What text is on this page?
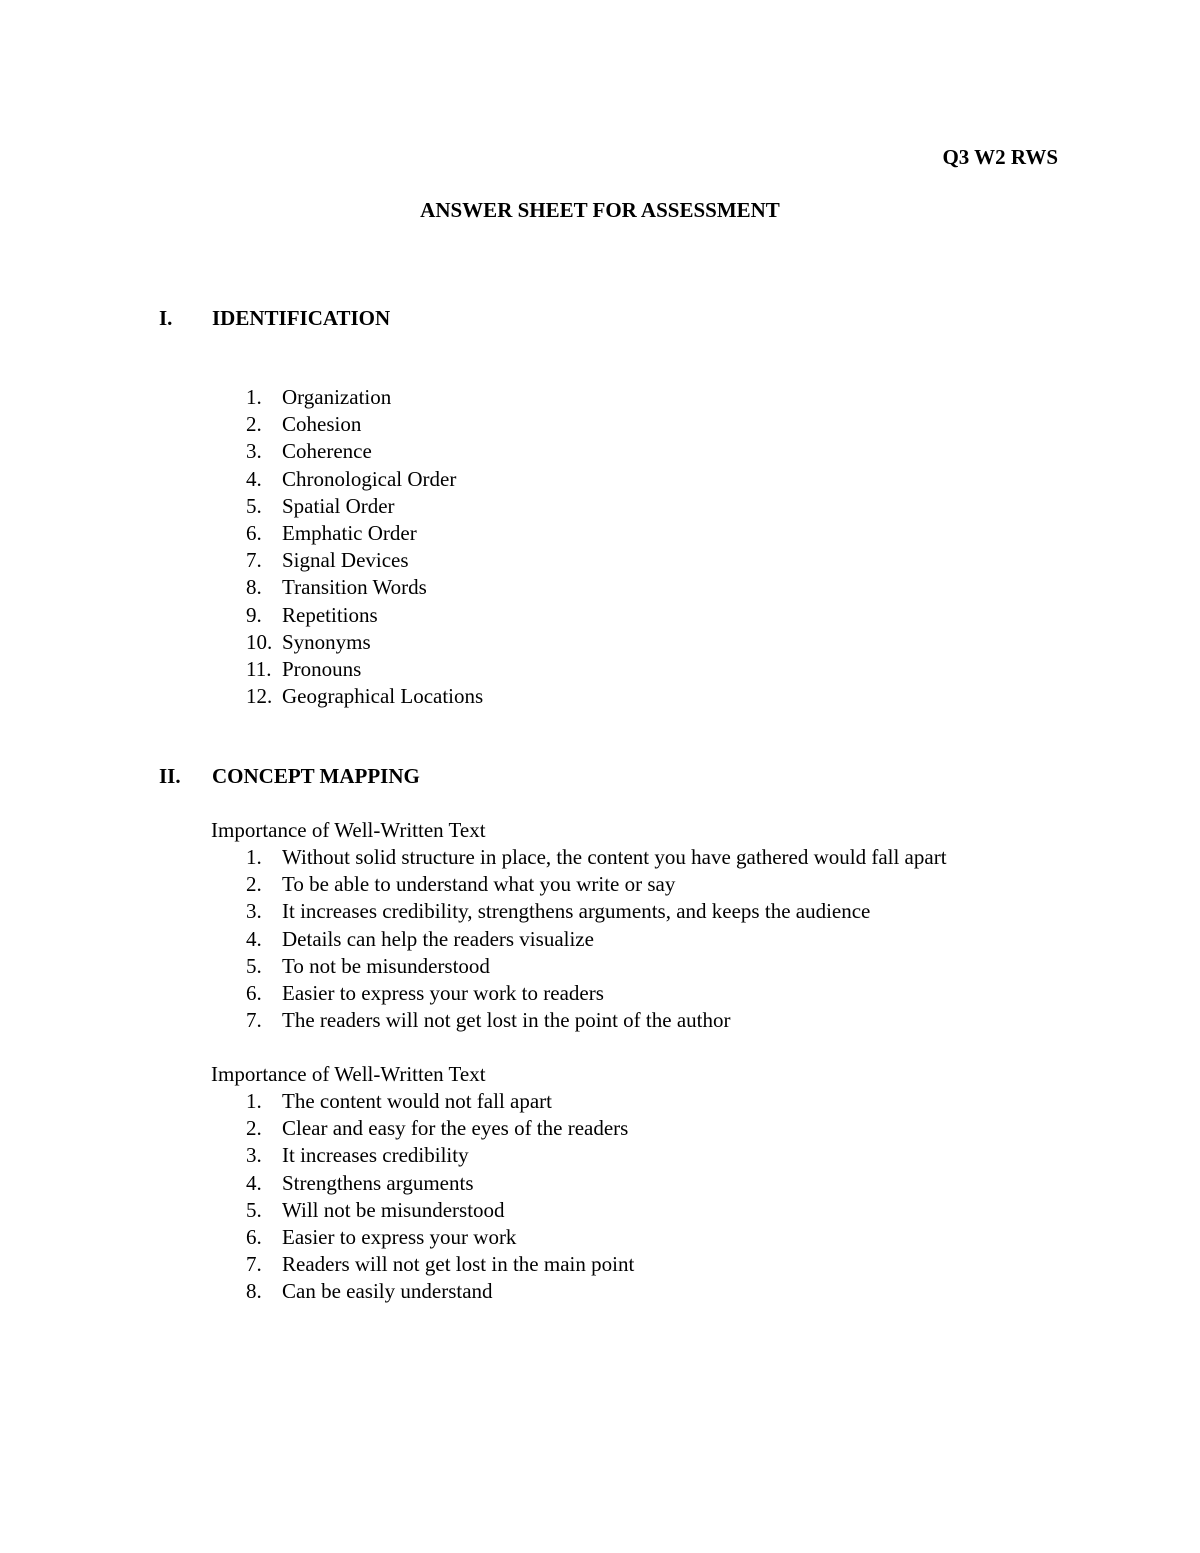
Q3 W2 RWS
ANSWER SHEET FOR ASSESSMENT
I. IDENTIFICATION
1. Organization
2. Cohesion
3. Coherence
4. Chronological Order
5. Spatial Order
6. Emphatic Order
7. Signal Devices
8. Transition Words
9. Repetitions
10. Synonyms
11. Pronouns
12. Geographical Locations
II. CONCEPT MAPPING
Importance of Well-Written Text
1. Without solid structure in place, the content you have gathered would fall apart
2. To be able to understand what you write or say
3. It increases credibility, strengthens arguments, and keeps the audience
4. Details can help the readers visualize
5. To not be misunderstood
6. Easier to express your work to readers
7. The readers will not get lost in the point of the author
Importance of Well-Written Text
1. The content would not fall apart
2. Clear and easy for the eyes of the readers
3. It increases credibility
4. Strengthens arguments
5. Will not be misunderstood
6. Easier to express your work
7. Readers will not get lost in the main point
8. Can be easily understand
